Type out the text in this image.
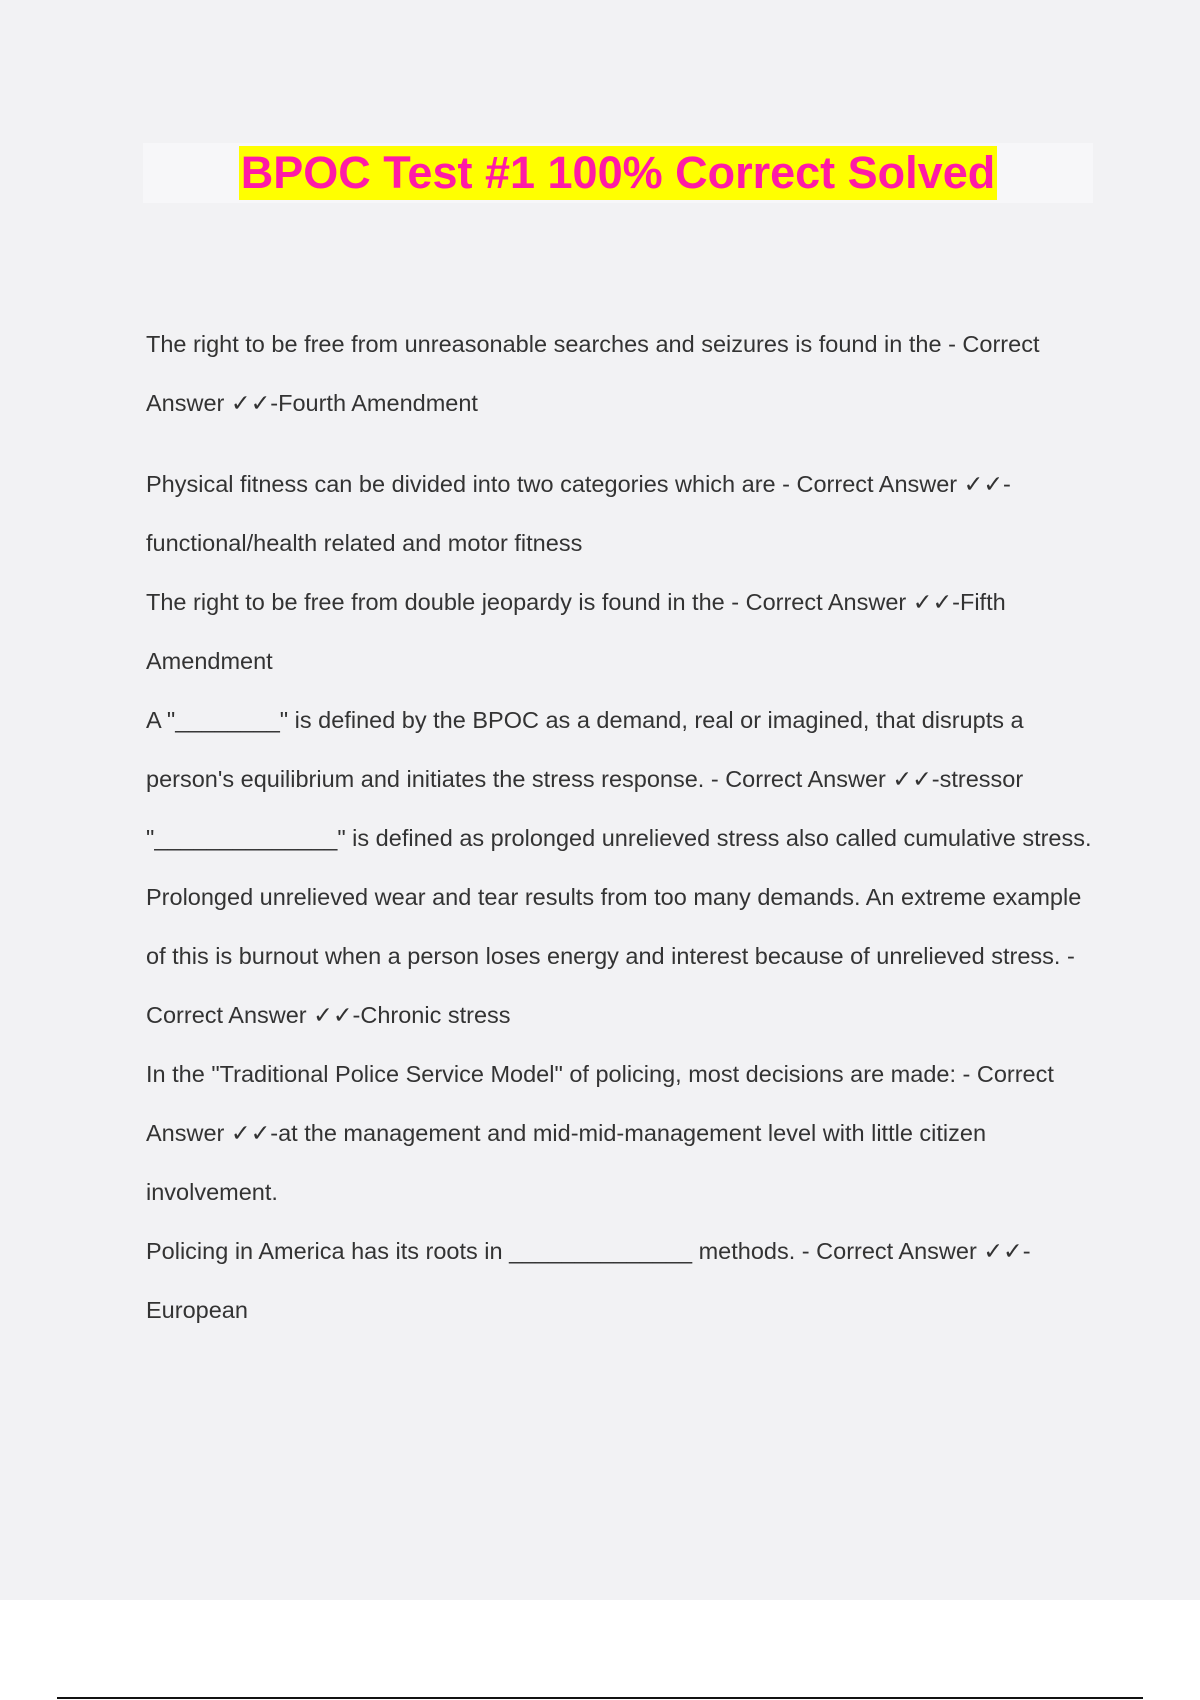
BPOC Test #1 100% Correct Solved

The right to be free from unreasonable searches and seizures is found in the - Correct Answer ✓✓-Fourth Amendment

Physical fitness can be divided into two categories which are - Correct Answer ✓✓-functional/health related and motor fitness

The right to be free from double jeopardy is found in the - Correct Answer ✓✓-Fifth Amendment

A "________" is defined by the BPOC as a demand, real or imagined, that disrupts a person's equilibrium and initiates the stress response. - Correct Answer ✓✓-stressor

"______________" is defined as prolonged unrelieved stress also called cumulative stress. Prolonged unrelieved wear and tear results from too many demands. An extreme example of this is burnout when a person loses energy and interest because of unrelieved stress. - Correct Answer ✓✓-Chronic stress

In the "Traditional Police Service Model" of policing, most decisions are made: - Correct Answer ✓✓-at the management and mid-mid-management level with little citizen involvement.

Policing in America has its roots in ______________ methods. - Correct Answer ✓✓-European
